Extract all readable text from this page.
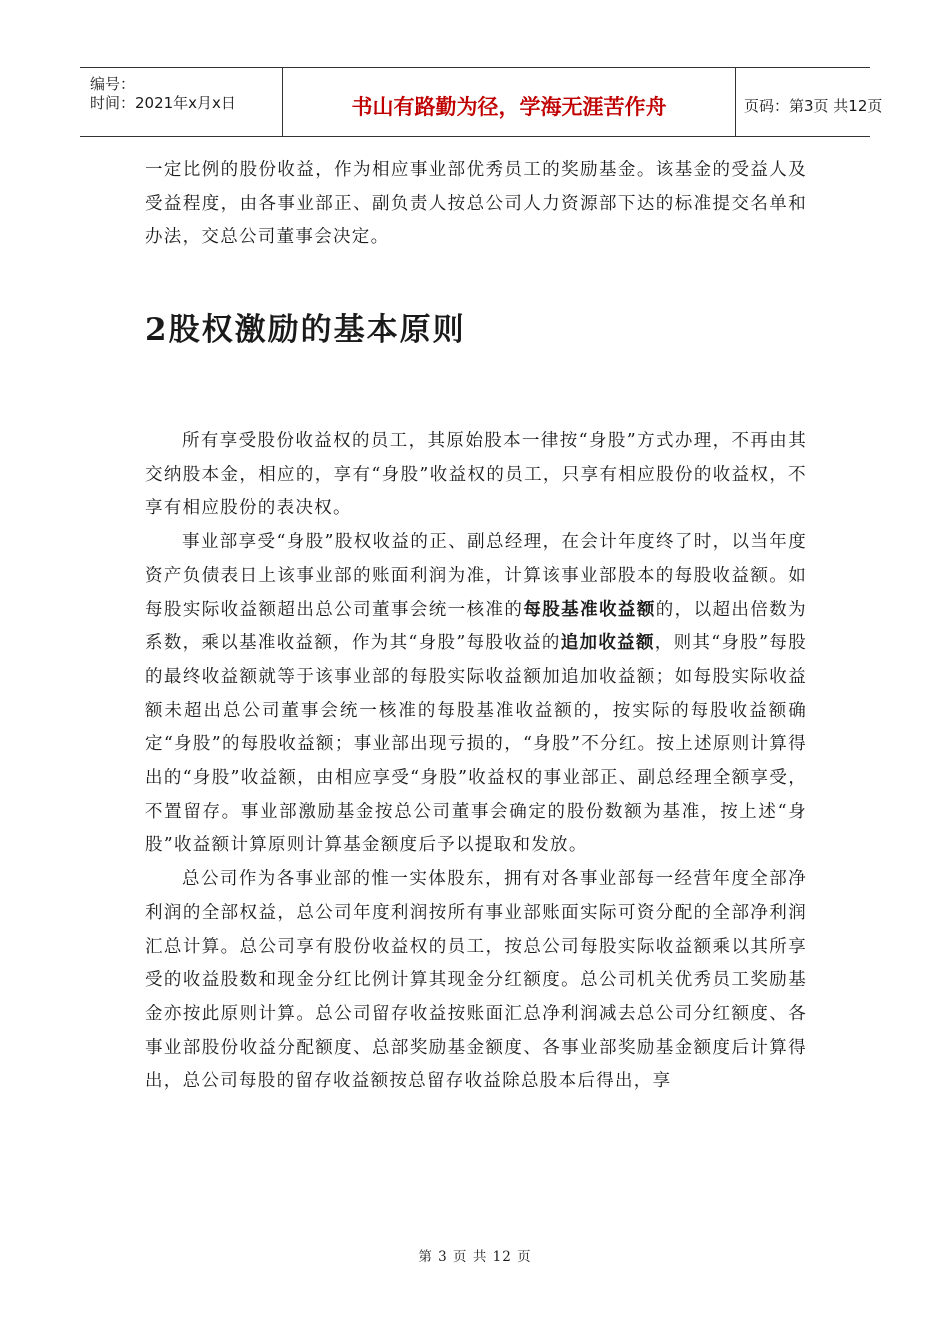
编号：
时间：2021年x月x日	书山有路勤为径，学海无涯苦作舟	页码：第3页 共12页

一定比例的股份收益，作为相应事业部优秀员工的奖励基金。该基金的受益人及受益程度，由各事业部正、副负责人按总公司人力资源部下达的标准提交名单和办法，交总公司董事会决定。

2股权激励的基本原则

所有享受股份收益权的员工，其原始股本一律按“身股”方式办理，不再由其交纳股本金，相应的，享有“身股”收益权的员工，只享有相应股份的收益权，不享有相应股份的表决权。

事业部享受“身股”股权收益的正、副总经理，在会计年度终了时，以当年度资产负债表日上该事业部的账面利润为准，计算该事业部股本的每股收益额。如每股实际收益额超出总公司董事会统一核准的每股基准收益额的，以超出倍数为系数，乘以基准收益额，作为其“身股”每股收益的追加收益额，则其“身股”每股的最终收益额就等于该事业部的每股实际收益额加追加收益额；如每股实际收益额未超出总公司董事会统一核准的每股基准收益额的，按实际的每股收益额确定“身股”的每股收益额；事业部出现亏损的，“身股”不分红。按上述原则计算得出的“身股”收益额，由相应享受“身股”收益权的事业部正、副总经理全额享受，不置留存。事业部激励基金按总公司董事会确定的股份数额为基准，按上述“身股”收益额计算原则计算基金额度后予以提取和发放。

总公司作为各事业部的惟一实体股东，拥有对各事业部每一经营年度全部净利润的全部权益，总公司年度利润按所有事业部账面实际可资分配的全部净利润汇总计算。总公司享有股份收益权的员工，按总公司每股实际收益额乘以其所享受的收益股数和现金分红比例计算其现金分红额度。总公司机关优秀员工奖励基金亦按此原则计算。总公司留存收益按账面汇总净利润减去总公司分红额度、各事业部股份收益分配额度、总部奖励基金额度、各事业部奖励基金额度后计算得出，总公司每股的留存收益额按总留存收益除总股本后得出，享

第 3 页 共 12 页
